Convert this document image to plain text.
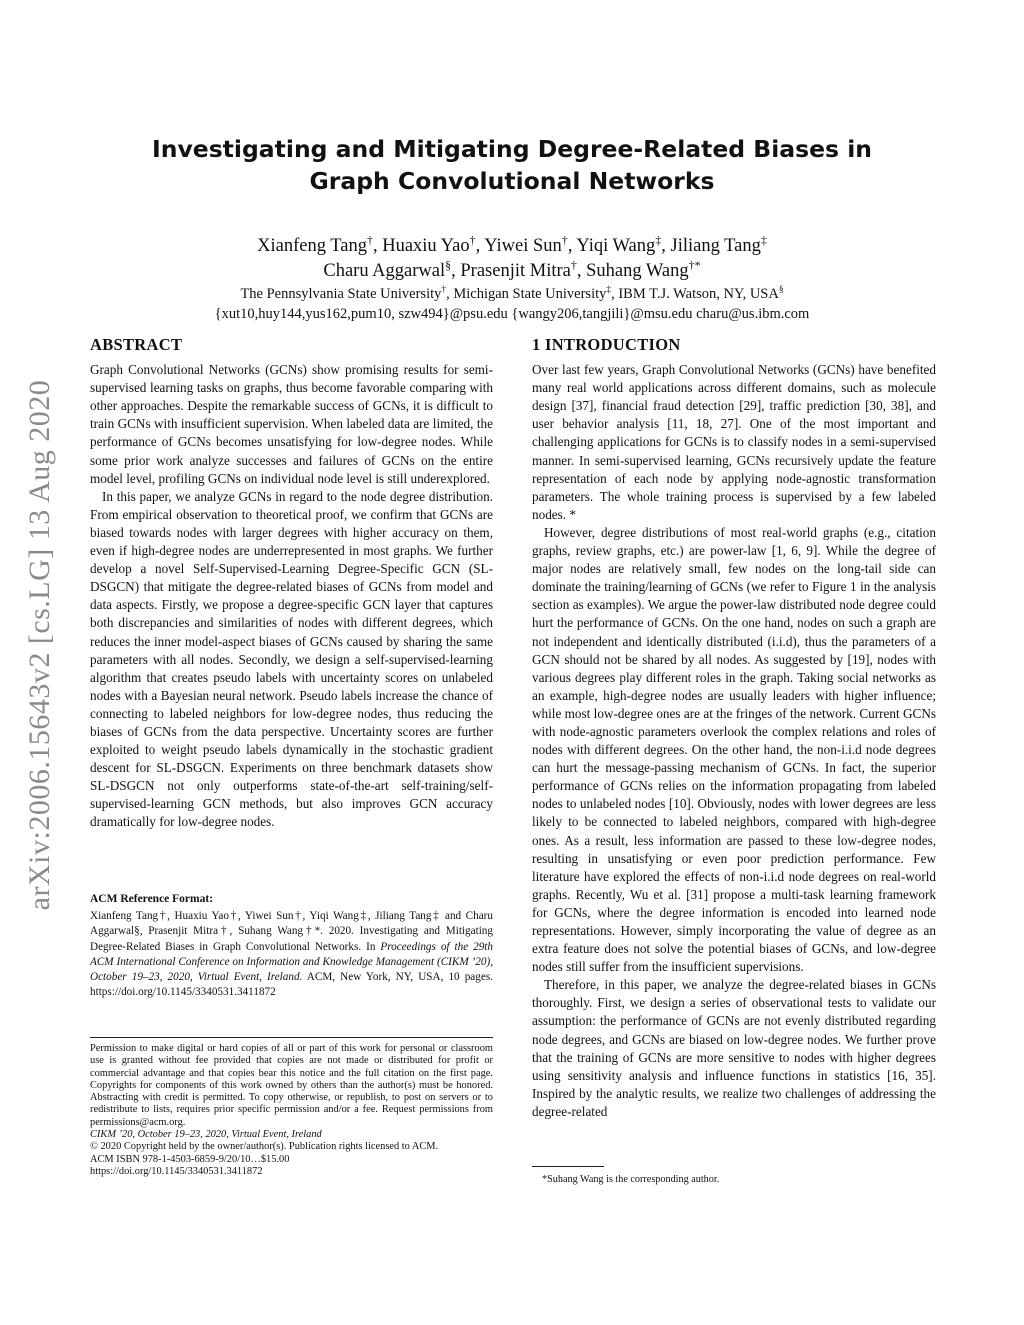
arXiv:2006.15643v2 [cs.LG] 13 Aug 2020
Investigating and Mitigating Degree-Related Biases in
Graph Convolutional Networks
Xianfeng Tang†, Huaxiu Yao†, Yiwei Sun†, Yiqi Wang‡, Jiliang Tang‡
Charu Aggarwal§, Prasenjit Mitra†, Suhang Wang†*
The Pennsylvania State University†, Michigan State University‡, IBM T.J. Watson, NY, USA§
{xut10,huy144,yus162,pum10, szw494}@psu.edu {wangy206,tangjili}@msu.edu charu@us.ibm.com
ABSTRACT

Graph Convolutional Networks (GCNs) show promising results for semi-supervised learning tasks on graphs, thus become favorable comparing with other approaches. Despite the remarkable success of GCNs, it is difficult to train GCNs with insufficient supervision. When labeled data are limited, the performance of GCNs becomes unsatisfying for low-degree nodes. While some prior work analyze successes and failures of GCNs on the entire model level, profiling GCNs on individual node level is still underexplored.

In this paper, we analyze GCNs in regard to the node degree distribution. From empirical observation to theoretical proof, we confirm that GCNs are biased towards nodes with larger degrees with higher accuracy on them, even if high-degree nodes are underrepresented in most graphs. We further develop a novel Self-Supervised-Learning Degree-Specific GCN (SL-DSGCN) that mitigate the degree-related biases of GCNs from model and data aspects. Firstly, we propose a degree-specific GCN layer that captures both discrepancies and similarities of nodes with different degrees, which reduces the inner model-aspect biases of GCNs caused by sharing the same parameters with all nodes. Secondly, we design a self-supervised-learning algorithm that creates pseudo labels with uncertainty scores on unlabeled nodes with a Bayesian neural network. Pseudo labels increase the chance of connecting to labeled neighbors for low-degree nodes, thus reducing the biases of GCNs from the data perspective. Uncertainty scores are further exploited to weight pseudo labels dynamically in the stochastic gradient descent for SL-DSGCN. Experiments on three benchmark datasets show SL-DSGCN not only outperforms state-of-the-art self-training/self-supervised-learning GCN methods, but also improves GCN accuracy dramatically for low-degree nodes.

ACM Reference Format:
Xianfeng Tang†, Huaxiu Yao†, Yiwei Sun†, Yiqi Wang‡, Jiliang Tang‡ and Charu Aggarwal§, Prasenjit Mitra†, Suhang Wang†*. 2020. Investigating and Mitigating Degree-Related Biases in Graph Convolutional Networks. In Proceedings of the 29th ACM International Conference on Information and Knowledge Management (CIKM ’20), October 19–23, 2020, Virtual Event, Ireland. ACM, New York, NY, USA, 10 pages. https://doi.org/10.1145/3340531.3411872
Permission to make digital or hard copies of all or part of this work for personal or classroom use is granted without fee provided that copies are not made or distributed for profit or commercial advantage and that copies bear this notice and the full citation on the first page. Copyrights for components of this work owned by others than the author(s) must be honored. Abstracting with credit is permitted. To copy otherwise, or republish, to post on servers or to redistribute to lists, requires prior specific permission and/or a fee. Request permissions from permissions@acm.org.
CIKM ’20, October 19–23, 2020, Virtual Event, Ireland
© 2020 Copyright held by the owner/author(s). Publication rights licensed to ACM.
ACM ISBN 978-1-4503-6859-9/20/10…$15.00
https://doi.org/10.1145/3340531.3411872
1 INTRODUCTION

Over last few years, Graph Convolutional Networks (GCNs) have benefited many real world applications across different domains, such as molecule design [37], financial fraud detection [29], traffic prediction [30, 38], and user behavior analysis [11, 18, 27]. One of the most important and challenging applications for GCNs is to classify nodes in a semi-supervised manner. In semi-supervised learning, GCNs recursively update the feature representation of each node by applying node-agnostic transformation parameters. The whole training process is supervised by a few labeled nodes. *

However, degree distributions of most real-world graphs (e.g., citation graphs, review graphs, etc.) are power-law [1, 6, 9]. While the degree of major nodes are relatively small, few nodes on the long-tail side can dominate the training/learning of GCNs (we refer to Figure 1 in the analysis section as examples). We argue the power-law distributed node degree could hurt the performance of GCNs. On the one hand, nodes on such a graph are not independent and identically distributed (i.i.d), thus the parameters of a GCN should not be shared by all nodes. As suggested by [19], nodes with various degrees play different roles in the graph. Taking social networks as an example, high-degree nodes are usually leaders with higher influence; while most low-degree ones are at the fringes of the network. Current GCNs with node-agnostic parameters overlook the complex relations and roles of nodes with different degrees. On the other hand, the non-i.i.d node degrees can hurt the message-passing mechanism of GCNs. In fact, the superior performance of GCNs relies on the information propagating from labeled nodes to unlabeled nodes [10]. Obviously, nodes with lower degrees are less likely to be connected to labeled neighbors, compared with high-degree ones. As a result, less information are passed to these low-degree nodes, resulting in unsatisfying or even poor prediction performance. Few literature have explored the effects of non-i.i.d node degrees on real-world graphs. Recently, Wu et al. [31] propose a multi-task learning framework for GCNs, where the degree information is encoded into learned node representations. However, simply incorporating the value of degree as an extra feature does not solve the potential biases of GCNs, and low-degree nodes still suffer from the insufficient supervisions.

Therefore, in this paper, we analyze the degree-related biases in GCNs thoroughly. First, we design a series of observational tests to validate our assumption: the performance of GCNs are not evenly distributed regarding node degrees, and GCNs are biased on low-degree nodes. We further prove that the training of GCNs are more sensitive to nodes with higher degrees using sensitivity analysis and influence functions in statistics [16, 35]. Inspired by the analytic results, we realize two challenges of addressing the degree-related

*Suhang Wang is the corresponding author.
